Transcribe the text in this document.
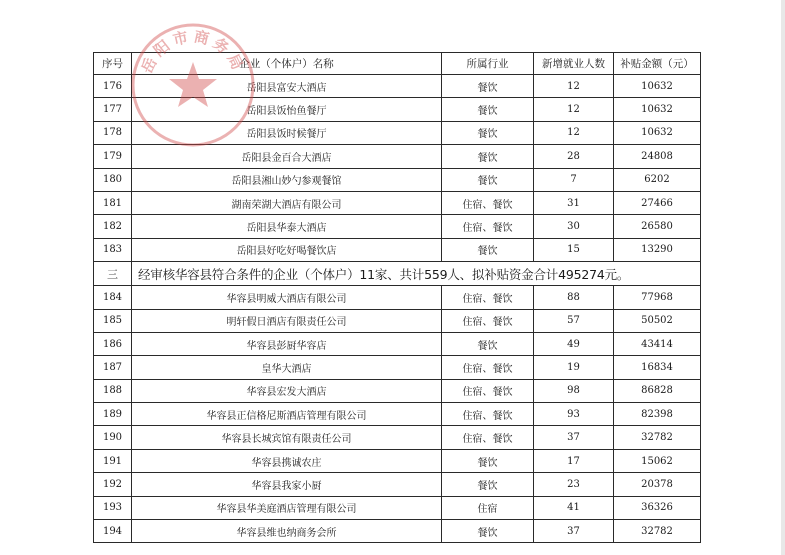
序号	企业（个体户）名称	所属行业	新增就业人数	补贴金额（元）
176	岳阳县富安大酒店	餐饮	12	10632
177	岳阳县饭怡鱼餐厅	餐饮	12	10632
178	岳阳县饭时候餐厅	餐饮	12	10632
179	岳阳县金百合大酒店	餐饮	28	24808
180	岳阳县湘山妙勺参观餐馆	餐饮	7	6202
181	湖南荣湖大酒店有限公司	住宿、餐饮	31	27466
182	岳阳县华泰大酒店	住宿、餐饮	30	26580
183	岳阳县好吃好喝餐饮店	餐饮	15	13290
三	经审核华容县符合条件的企业（个体户）11家、共计559人、拟补贴资金合计495274元。			
184	华容县明威大酒店有限公司	住宿、餐饮	88	77968
185	明轩假日酒店有限责任公司	住宿、餐饮	57	50502
186	华容县彭厨华容店	餐饮	49	43414
187	皇华大酒店	住宿、餐饮	19	16834
188	华容县宏发大酒店	住宿、餐饮	98	86828
189	华容县正信格尼斯酒店管理有限公司	住宿、餐饮	93	82398
190	华容县长城宾馆有限责任公司	住宿、餐饮	37	32782
191	华容县携诚农庄	餐饮	17	15062
192	华容县我家小厨	餐饮	23	20378
193	华容县华美庭酒店管理有限公司	住宿	41	36326
194	华容县维也纳商务会所	餐饮	37	32782
岳阳市商务局
